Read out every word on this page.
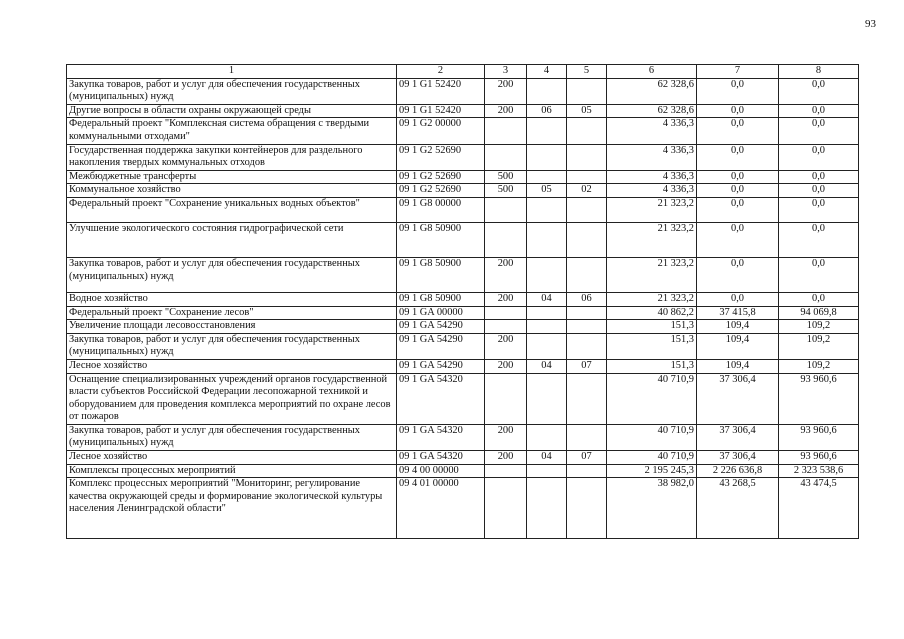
93
1	2	3	4	5	6	7	8
Закупка товаров, работ и услуг для обеспечения государственных (муниципальных) нужд	09 1 G1 52420	200			62 328,6	0,0	0,0
Другие вопросы в области охраны окружающей среды	09 1 G1 52420	200	06	05	62 328,6	0,0	0,0
Федеральный проект "Комплексная система обращения с твердыми коммунальными отходами"	09 1 G2 00000				4 336,3	0,0	0,0
Государственная поддержка закупки контейнеров для раздельного накопления твердых коммунальных отходов	09 1 G2 52690				4 336,3	0,0	0,0
Межбюджетные трансферты	09 1 G2 52690	500			4 336,3	0,0	0,0
Коммунальное хозяйство	09 1 G2 52690	500	05	02	4 336,3	0,0	0,0
Федеральный проект "Сохранение уникальных водных объектов"	09 1 G8 00000				21 323,2	0,0	0,0
Улучшение экологического состояния гидрографической сети	09 1 G8 50900				21 323,2	0,0	0,0
Закупка товаров, работ и услуг для обеспечения государственных (муниципальных) нужд	09 1 G8 50900	200			21 323,2	0,0	0,0
Водное хозяйство	09 1 G8 50900	200	04	06	21 323,2	0,0	0,0
Федеральный проект "Сохранение лесов"	09 1 GA 00000				40 862,2	37 415,8	94 069,8
Увеличение площади лесовосстановления	09 1 GA 54290				151,3	109,4	109,2
Закупка товаров, работ и услуг для обеспечения государственных (муниципальных) нужд	09 1 GA 54290	200			151,3	109,4	109,2
Лесное хозяйство	09 1 GA 54290	200	04	07	151,3	109,4	109,2
Оснащение специализированных учреждений органов государственной власти субъектов Российской Федерации лесопожарной техникой и оборудованием для проведения комплекса мероприятий по охране лесов от пожаров	09 1 GA 54320				40 710,9	37 306,4	93 960,6
Закупка товаров, работ и услуг для обеспечения государственных (муниципальных) нужд	09 1 GA 54320	200			40 710,9	37 306,4	93 960,6
Лесное хозяйство	09 1 GA 54320	200	04	07	40 710,9	37 306,4	93 960,6
Комплексы процессных мероприятий	09 4 00 00000				2 195 245,3	2 226 636,8	2 323 538,6
Комплекс процессных мероприятий "Мониторинг, регулирование качества окружающей среды и формирование экологической культуры населения Ленинградской области"	09 4 01 00000				38 982,0	43 268,5	43 474,5
